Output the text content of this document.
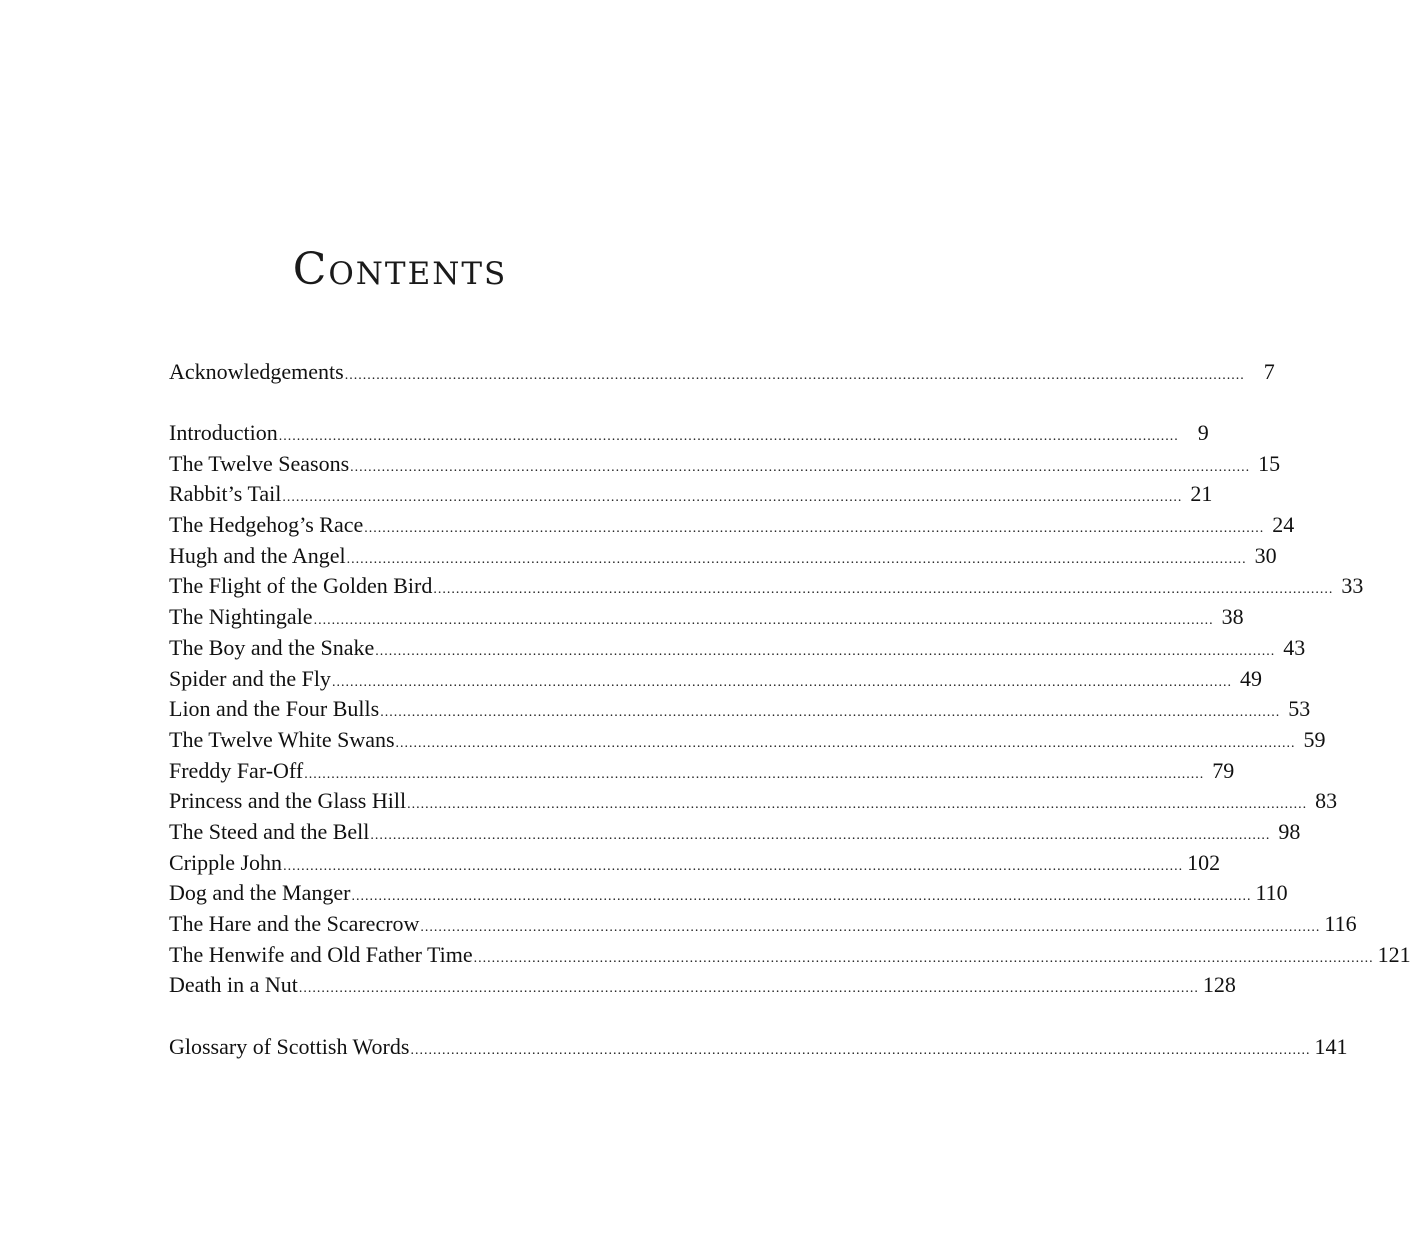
Contents
Acknowledgements ........................................................................................................................................................................................................ 7
Introduction ........................................................................................................................................................................................................ 9
The Twelve Seasons ........................................................................................................................................................................................................ 15
Rabbit’s Tail ........................................................................................................................................................................................................ 21
The Hedgehog’s Race ........................................................................................................................................................................................................ 24
Hugh and the Angel ........................................................................................................................................................................................................ 30
The Flight of the Golden Bird ........................................................................................................................................................................................................ 33
The Nightingale ........................................................................................................................................................................................................ 38
The Boy and the Snake ........................................................................................................................................................................................................ 43
Spider and the Fly ........................................................................................................................................................................................................ 49
Lion and the Four Bulls ........................................................................................................................................................................................................ 53
The Twelve White Swans ........................................................................................................................................................................................................ 59
Freddy Far-Off ........................................................................................................................................................................................................ 79
Princess and the Glass Hill ........................................................................................................................................................................................................ 83
The Steed and the Bell ........................................................................................................................................................................................................ 98
Cripple John ........................................................................................................................................................................................................ 102
Dog and the Manger ........................................................................................................................................................................................................ 110
The Hare and the Scarecrow ........................................................................................................................................................................................................ 116
The Henwife and Old Father Time ........................................................................................................................................................................................................ 121
Death in a Nut ........................................................................................................................................................................................................ 128
Glossary of Scottish Words ........................................................................................................................................................................................................ 141
